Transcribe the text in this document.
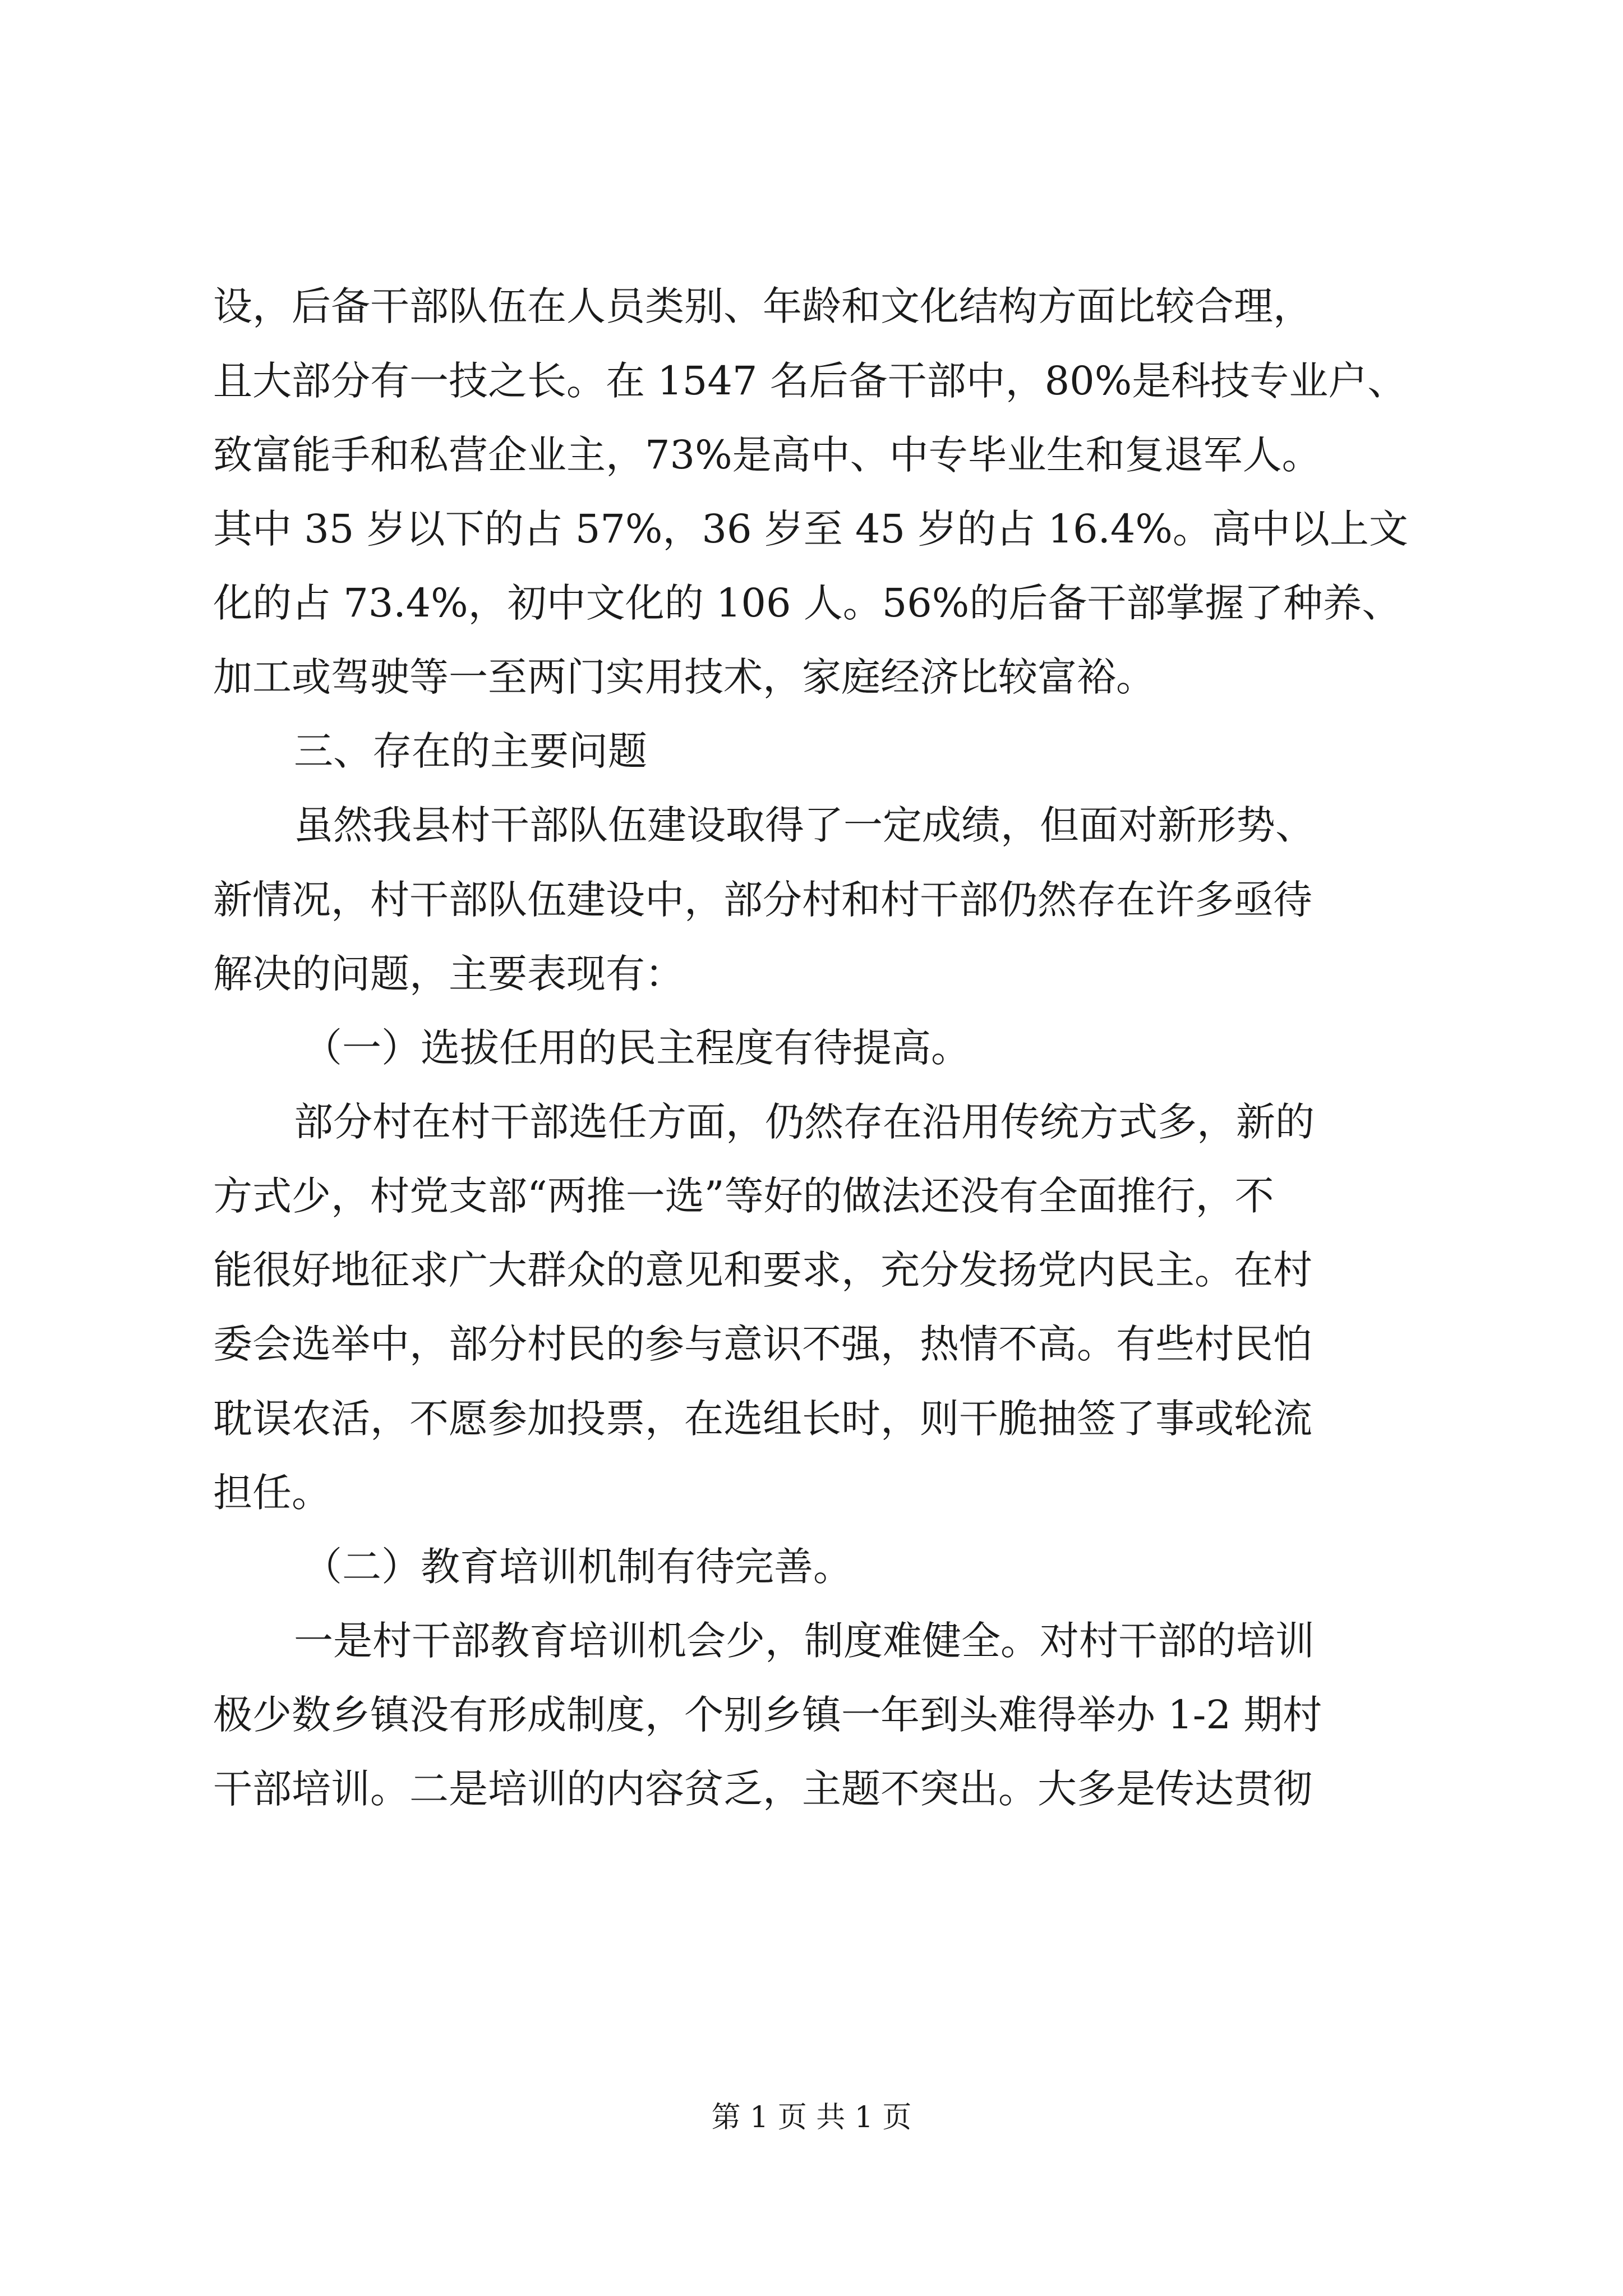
设，后备干部队伍在人员类别、年龄和文化结构方面比较合理，
且大部分有一技之长。在 1547 名后备干部中，80%是科技专业户、
致富能手和私营企业主，73%是高中、中专毕业生和复退军人。
其中 35 岁以下的占 57%，36 岁至 45 岁的占 16.4%。高中以上文
化的占 73.4%，初中文化的 106 人。56%的后备干部掌握了种养、
加工或驾驶等一至两门实用技术，家庭经济比较富裕。
三、存在的主要问题
虽然我县村干部队伍建设取得了一定成绩，但面对新形势、
新情况，村干部队伍建设中，部分村和村干部仍然存在许多亟待
解决的问题，主要表现有：
（一）选拔任用的民主程度有待提高。
部分村在村干部选任方面，仍然存在沿用传统方式多，新的
方式少，村党支部“两推一选”等好的做法还没有全面推行，不
能很好地征求广大群众的意见和要求，充分发扬党内民主。在村
委会选举中，部分村民的参与意识不强，热情不高。有些村民怕
耽误农活，不愿参加投票，在选组长时，则干脆抽签了事或轮流
担任。
（二）教育培训机制有待完善。
一是村干部教育培训机会少，制度难健全。对村干部的培训
极少数乡镇没有形成制度，个别乡镇一年到头难得举办 1-2 期村
干部培训。二是培训的内容贫乏，主题不突出。大多是传达贯彻
第 1 页 共 1 页
